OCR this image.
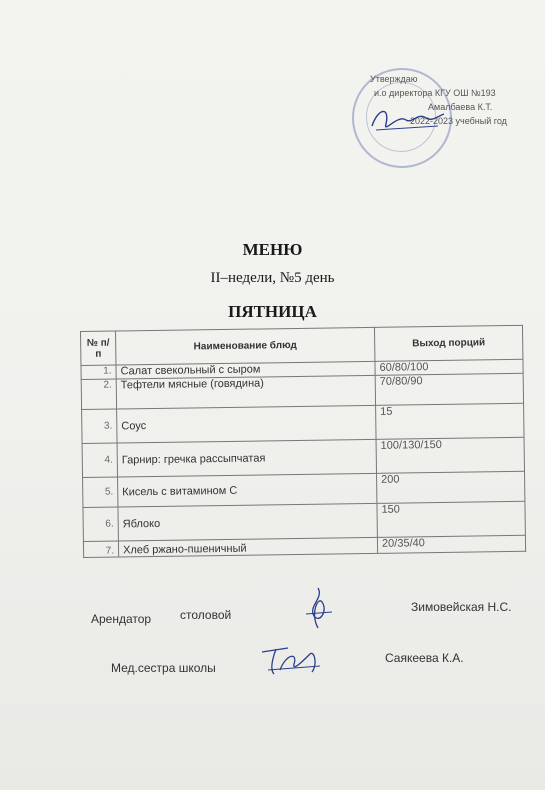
Утверждаю
и.о директора КГУ ОШ №193
Амалбаева К.Т.
2022-2023 учебный год
МЕНЮ
II–недели, №5 день
ПЯТНИЦА
№ п/п	Наименование блюд	Выход порций
1.	Салат свекольный с сыром	60/80/100
2.	Тефтели мясные (говядина)	70/80/90
3.	Соус	15
4.	Гарнир: гречка рассыпчатая	100/130/150
5.	Кисель с витамином С	200
6.	Яблоко	150
7.	Хлеб ржано-пшеничный	20/35/40
Арендатор столовой
Зимовейская Н.С.
Мед.сестра школы
Саякеева К.А.
